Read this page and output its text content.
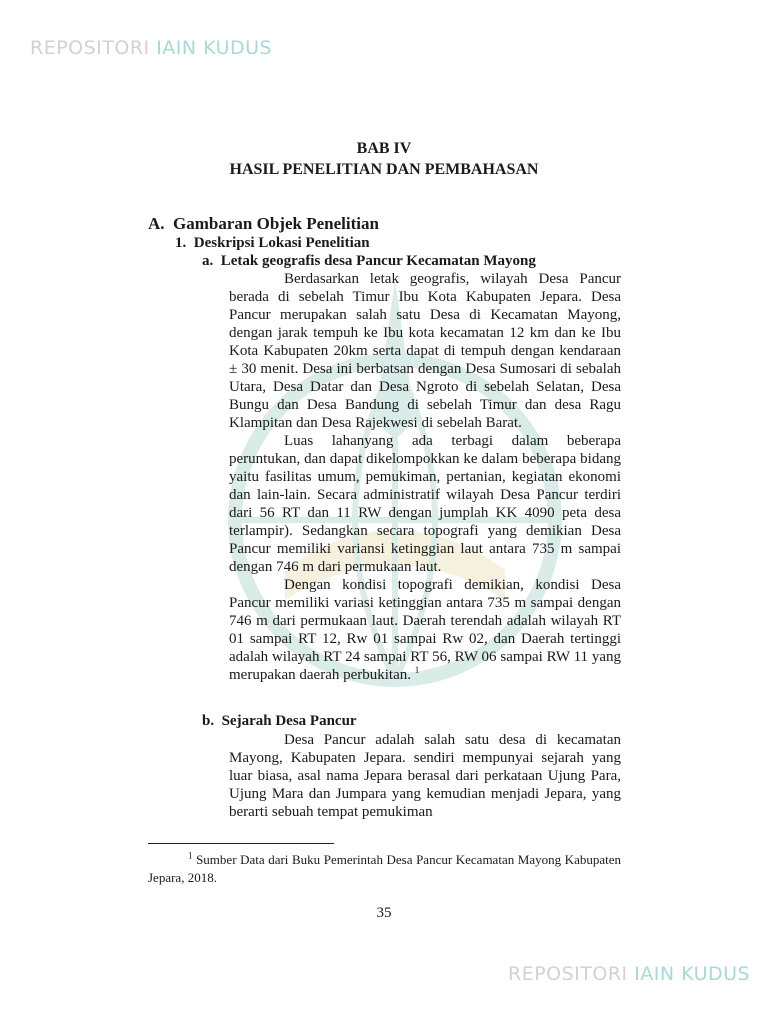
REPOSITORI IAIN KUDUS
BAB IV
HASIL PENELITIAN DAN PEMBAHASAN
A. Gambaran Objek Penelitian
1. Deskripsi Lokasi Penelitian
a. Letak geografis desa Pancur Kecamatan Mayong

Berdasarkan letak geografis, wilayah Desa Pancur berada di sebelah Timur Ibu Kota Kabupaten Jepara. Desa Pancur merupakan salah satu Desa di Kecamatan Mayong, dengan jarak tempuh ke Ibu kota kecamatan 12 km dan ke Ibu Kota Kabupaten 20km serta dapat di tempuh dengan kendaraan ± 30 menit. Desa ini berbatsan dengan Desa Sumosari di sebalah Utara, Desa Datar dan Desa Ngroto di sebelah Selatan, Desa Bungu dan Desa Bandung di sebelah Timur dan desa Ragu Klampitan dan Desa Rajekwesi di sebelah Barat.

Luas lahanyang ada terbagi dalam beberapa peruntukan, dan dapat dikelompokkan ke dalam beberapa bidang yaitu fasilitas umum, pemukiman, pertanian, kegiatan ekonomi dan lain-lain. Secara administratif wilayah Desa Pancur terdiri dari 56 RT dan 11 RW dengan jumplah KK 4090 peta desa terlampir). Sedangkan secara topografi yang demikian Desa Pancur memiliki variansi ketinggian laut antara 735 m sampai dengan 746 m dari permukaan laut.

Dengan kondisi topografi demikian, kondisi Desa Pancur memiliki variasi ketinggian antara 735 m sampai dengan 746 m dari permukaan laut. Daerah terendah adalah wilayah RT 01 sampai RT 12, Rw 01 sampai Rw 02, dan Daerah tertinggi adalah wilayah RT 24 sampai RT 56, RW 06 sampai RW 11 yang merupakan daerah perbukitan. $^1$

b. Sejarah Desa Pancur

Desa Pancur adalah salah satu desa di kecamatan Mayong, Kabupaten Jepara. sendiri mempunyai sejarah yang luar biasa, asal nama Jepara berasal dari perkataan Ujung Para, Ujung Mara dan Jumpara yang kemudian menjadi Jepara, yang berarti sebuah tempat pemukiman

$^1$ Sumber Data dari Buku Pemerintah Desa Pancur Kecamatan Mayong Kabupaten Jepara, 2018.

35
REPOSITORI IAIN KUDUS
